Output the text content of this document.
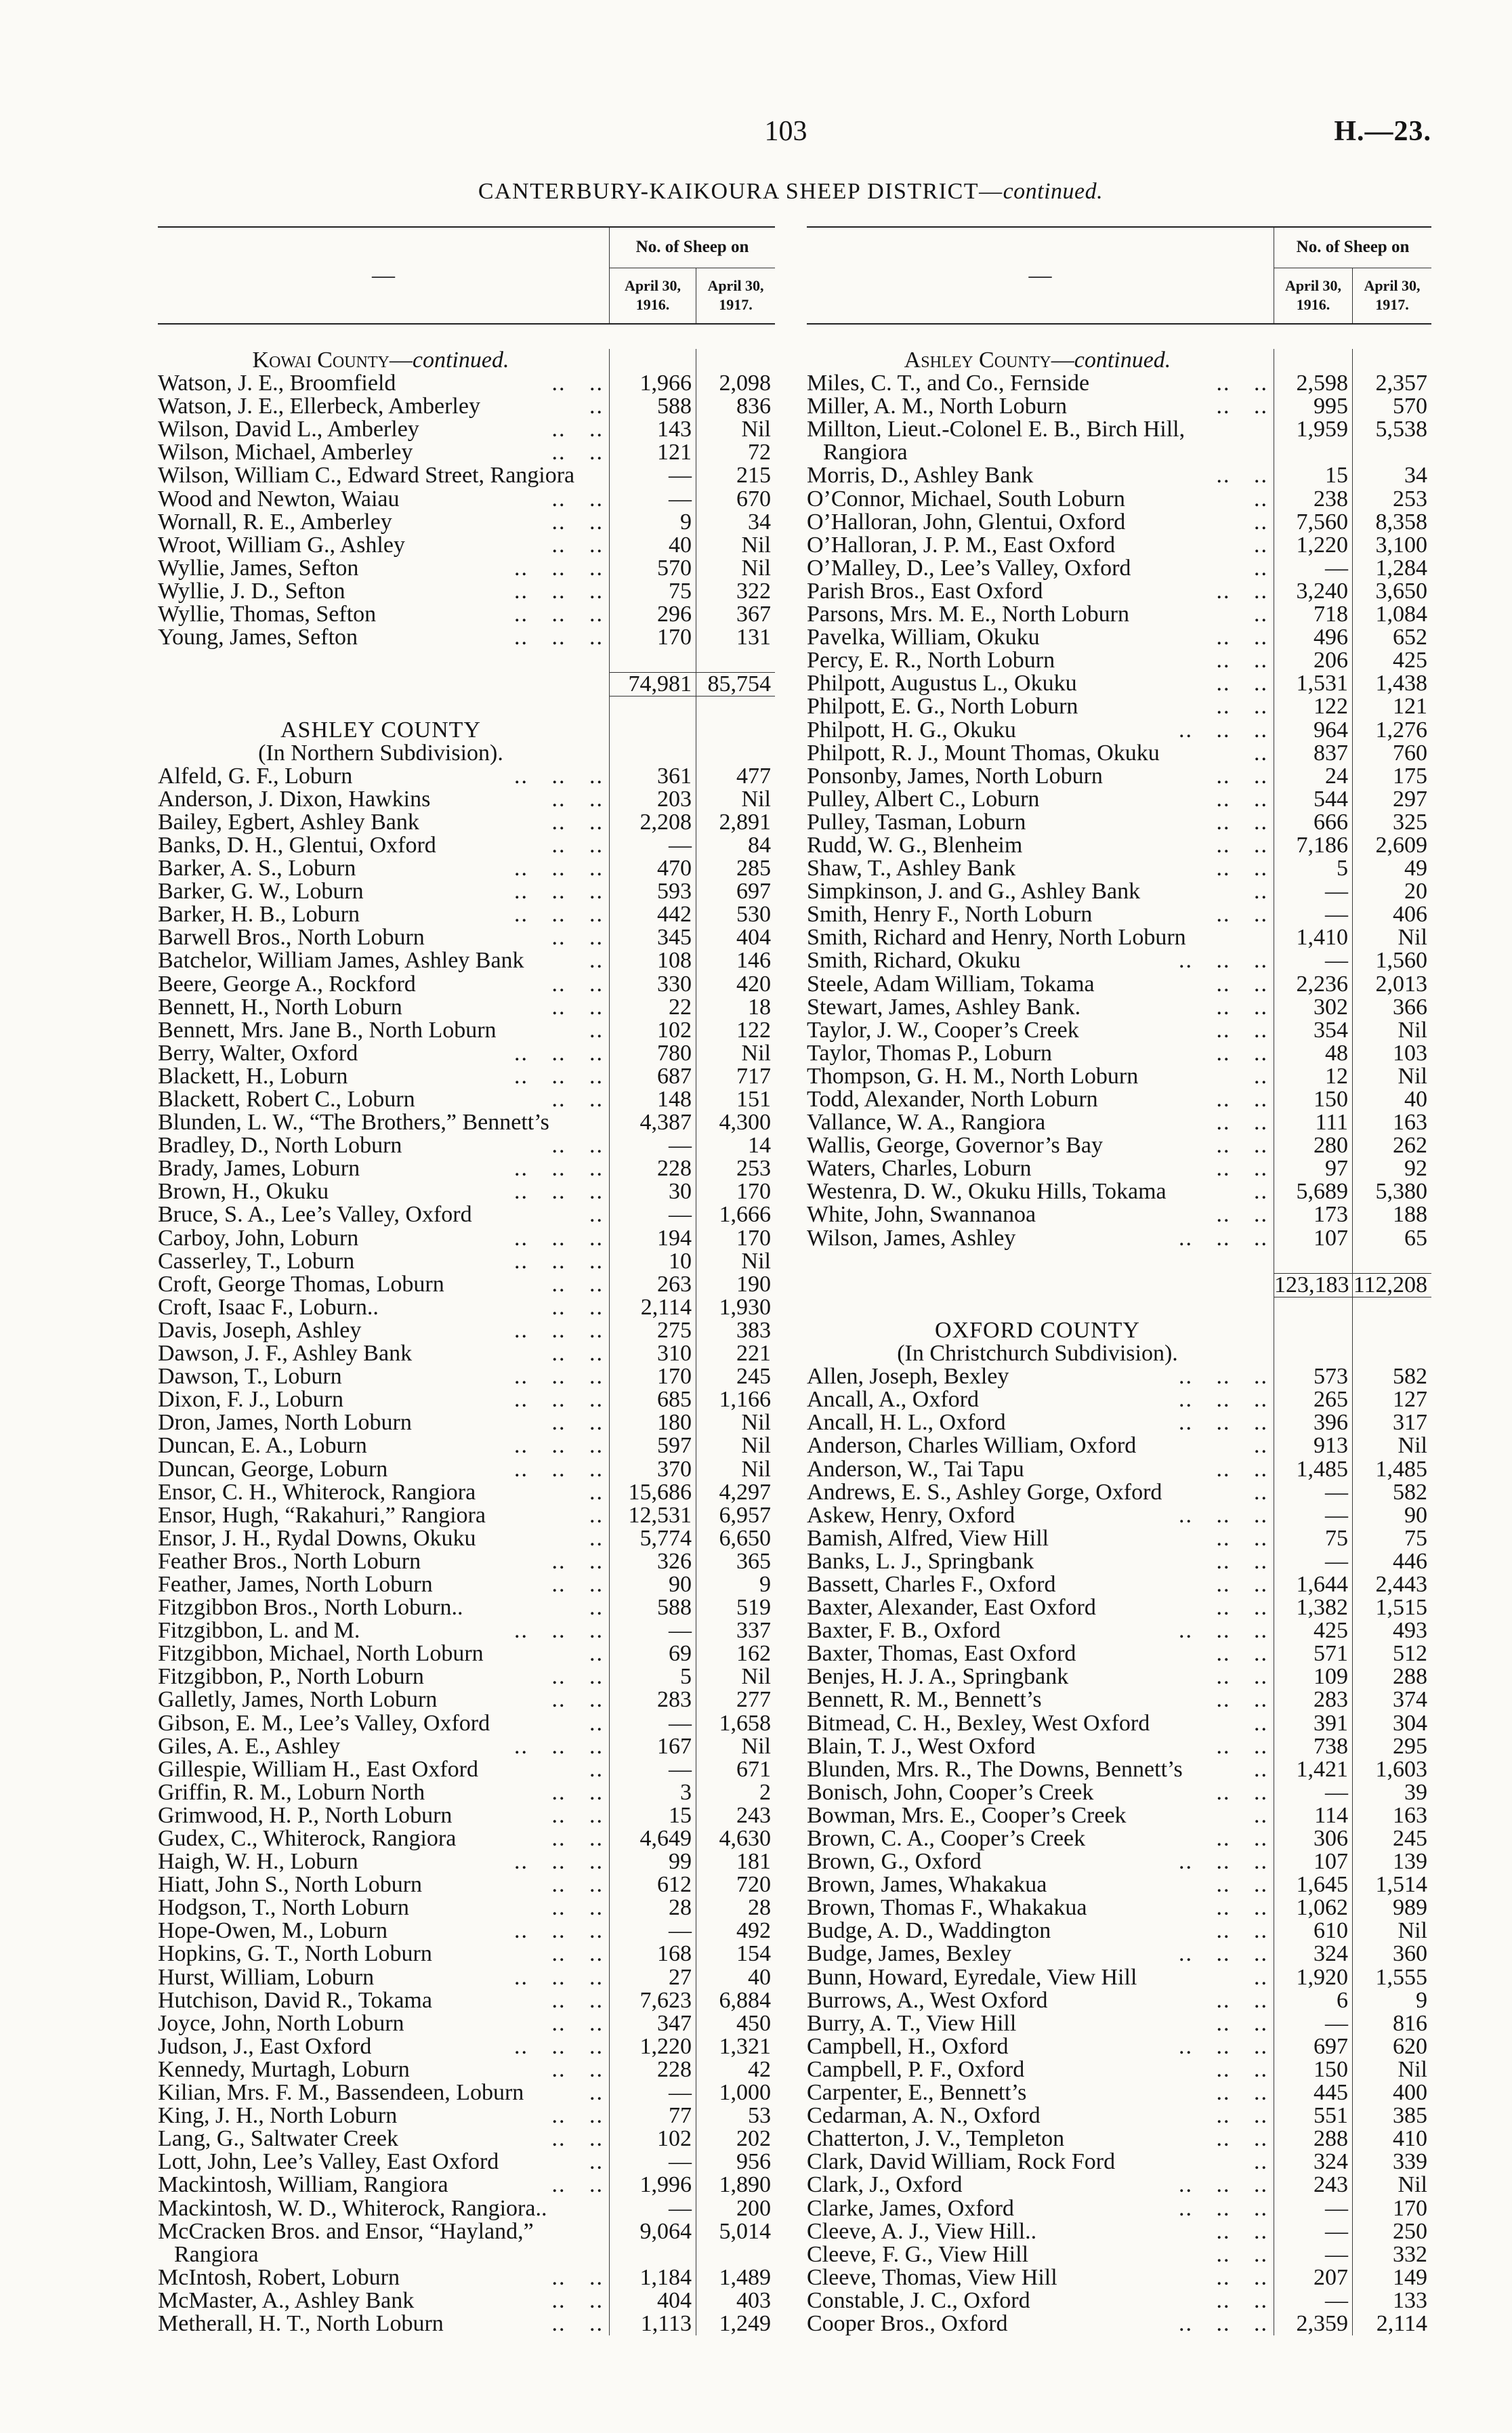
103	H.—23.
CANTERBURY-KAIKOURA SHEEP DISTRICT—continued.
—
No. of Sheep on
April 30,
1916.
April 30,
1917.
Kowai County— continued.
Watson, J. E., Broomfield	.. ..	1,966	2,098
Watson, J. E., Ellerbeck, Amberley	..	588	836
Wilson, David L., Amberley	.. ..	143	Nil
Wilson, Michael, Amberley	.. ..	121	72
Wilson, William C., Edward Street, Rangiora	—	215
Wood and Newton, Waiau	.. ..	—	670
Wornall, R. E., Amberley	.. ..	9	34
Wroot, William G., Ashley	.. ..	40	Nil
Wyllie, James, Sefton	.. .. ..	570	Nil
Wyllie, J. D., Sefton	.. .. ..	75	322
Wyllie, Thomas, Sefton	.. .. ..	296	367
Young, James, Sefton	.. .. ..	170	131
74,981 85,754
ASHLEY COUNTY
(In Northern Subdivision).
Alfeld, G. F., Loburn	.. .. ..	361	477
Anderson, J. Dixon, Hawkins	.. ..	203	Nil
Bailey, Egbert, Ashley Bank	.. ..	2,208	2,891
Banks, D. H., Glentui, Oxford	.. ..	—	84
Barker, A. S., Loburn	.. .. ..	470	285
Barker, G. W., Loburn	.. .. ..	593	697
Barker, H. B., Loburn	.. .. ..	442	530
Barwell Bros., North Loburn	.. ..	345	404
Batchelor, William James, Ashley Bank	..	108	146
Beere, George A., Rockford	.. ..	330	420
Bennett, H., North Loburn	.. ..	22	18
Bennett, Mrs. Jane B., North Loburn	..	102	122
Berry, Walter, Oxford	.. .. ..	780	Nil
Blackett, H., Loburn	.. .. ..	687	717
Blackett, Robert C., Loburn	.. ..	148	151
Blunden, L. W., “The Brothers,” Bennett’s	4,387	4,300
Bradley, D., North Loburn	.. ..	—	14
Brady, James, Loburn	.. .. ..	228	253
Brown, H., Okuku	.. .. ..	30	170
Bruce, S. A., Lee’s Valley, Oxford	..	—	1,666
Carboy, John, Loburn	.. .. ..	194	170
Casserley, T., Loburn	.. .. ..	10	Nil
Croft, George Thomas, Loburn	.. ..	263	190
Croft, Isaac F., Loburn..	.. ..	2,114	1,930
Davis, Joseph, Ashley	.. .. ..	275	383
Dawson, J. F., Ashley Bank	.. ..	310	221
Dawson, T., Loburn	.. .. ..	170	245
Dixon, F. J., Loburn	.. .. ..	685	1,166
Dron, James, North Loburn	.. ..	180	Nil
Duncan, E. A., Loburn	.. .. ..	597	Nil
Duncan, George, Loburn	.. .. ..	370	Nil
Ensor, C. H., Whiterock, Rangiora	..	15,686	4,297
Ensor, Hugh, “Rakahuri,” Rangiora	..	12,531	6,957
Ensor, J. H., Rydal Downs, Okuku	..	5,774	6,650
Feather Bros., North Loburn	.. ..	326	365
Feather, James, North Loburn	.. ..	90	9
Fitzgibbon Bros., North Loburn..	..	588	519
Fitzgibbon, L. and M.	.. .. ..	—	337
Fitzgibbon, Michael, North Loburn	..	69	162
Fitzgibbon, P., North Loburn	.. ..	5	Nil
Galletly, James, North Loburn	.. ..	283	277
Gibson, E. M., Lee’s Valley, Oxford	..	—	1,658
Giles, A. E., Ashley	.. .. ..	167	Nil
Gillespie, William H., East Oxford	..	—	671
Griffin, R. M., Loburn North	.. ..	3	2
Grimwood, H. P., North Loburn	.. ..	15	243
Gudex, C., Whiterock, Rangiora	.. ..	4,649	4,630
Haigh, W. H., Loburn	.. .. ..	99	181
Hiatt, John S., North Loburn	.. ..	612	720
Hodgson, T., North Loburn	.. ..	28	28
Hope-Owen, M., Loburn	.. .. ..	—	492
Hopkins, G. T., North Loburn	.. ..	168	154
Hurst, William, Loburn	.. .. ..	27	40
Hutchison, David R., Tokama	.. ..	7,623	6,884
Joyce, John, North Loburn	.. ..	347	450
Judson, J., East Oxford	.. .. ..	1,220	1,321
Kennedy, Murtagh, Loburn	.. ..	228	42
Kilian, Mrs. F. M., Bassendeen, Loburn	..	—	1,000
King, J. H., North Loburn	.. ..	77	53
Lang, G., Saltwater Creek	.. ..	102	202
Lott, John, Lee’s Valley, East Oxford	..	—	956
Mackintosh, William, Rangiora	.. ..	1,996	1,890
Mackintosh, W. D., Whiterock, Rangiora..	—	200
McCracken Bros. and Ensor, “Hayland,”	9,064	5,014
Rangiora
McIntosh, Robert, Loburn	.. ..	1,184	1,489
McMaster, A., Ashley Bank	.. ..	404	403
Metherall, H. T., North Loburn	.. ..	1,113	1,249
—
No. of Sheep on
April 30,
1916.
April 30,
1917.
Ashley County— continued.
Miles, C. T., and Co., Fernside	.. ..	2,598	2,357
Miller, A. M., North Loburn	.. ..	995	570
Millton, Lieut.-Colonel E. B., Birch Hill,	1,959	5,538
Rangiora
Morris, D., Ashley Bank	.. ..	15	34
O’Connor, Michael, South Loburn	..	238	253
O’Halloran, John, Glentui, Oxford	..	7,560	8,358
O’Halloran, J. P. M., East Oxford	..	1,220	3,100
O’Malley, D., Lee’s Valley, Oxford	..	—	1,284
Parish Bros., East Oxford	.. ..	3,240	3,650
Parsons, Mrs. M. E., North Loburn	..	718	1,084
Pavelka, William, Okuku	.. ..	496	652
Percy, E. R., North Loburn	.. ..	206	425
Philpott, Augustus L., Okuku	.. ..	1,531	1,438
Philpott, E. G., North Loburn	.. ..	122	121
Philpott, H. G., Okuku	.. .. ..	964	1,276
Philpott, R. J., Mount Thomas, Okuku	..	837	760
Ponsonby, James, North Loburn	.. ..	24	175
Pulley, Albert C., Loburn	.. ..	544	297
Pulley, Tasman, Loburn	.. ..	666	325
Rudd, W. G., Blenheim	.. ..	7,186	2,609
Shaw, T., Ashley Bank	.. ..	5	49
Simpkinson, J. and G., Ashley Bank	..	—	20
Smith, Henry F., North Loburn	.. ..	—	406
Smith, Richard and Henry, North Loburn	1,410	Nil
Smith, Richard, Okuku	.. .. ..	—	1,560
Steele, Adam William, Tokama	.. ..	2,236	2,013
Stewart, James, Ashley Bank.	.. ..	302	366
Taylor, J. W., Cooper’s Creek	.. ..	354	Nil
Taylor, Thomas P., Loburn	.. ..	48	103
Thompson, G. H. M., North Loburn	..	12	Nil
Todd, Alexander, North Loburn	.. ..	150	40
Vallance, W. A., Rangiora	.. ..	111	163
Wallis, George, Governor’s Bay	.. ..	280	262
Waters, Charles, Loburn	.. ..	97	92
Westenra, D. W., Okuku Hills, Tokama	..	5,689	5,380
White, John, Swannanoa	.. ..	173	188
Wilson, James, Ashley	.. .. ..	107	65
123,183 112,208
OXFORD COUNTY
(In Christchurch Subdivision).
Allen, Joseph, Bexley	.. .. ..	573	582
Ancall, A., Oxford	.. .. ..	265	127
Ancall, H. L., Oxford	.. .. ..	396	317
Anderson, Charles William, Oxford	..	913	Nil
Anderson, W., Tai Tapu	.. ..	1,485	1,485
Andrews, E. S., Ashley Gorge, Oxford	..	—	582
Askew, Henry, Oxford	.. .. ..	—	90
Bamish, Alfred, View Hill	.. ..	75	75
Banks, L. J., Springbank	.. ..	—	446
Bassett, Charles F., Oxford	.. ..	1,644	2,443
Baxter, Alexander, East Oxford	.. ..	1,382	1,515
Baxter, F. B., Oxford	.. .. ..	425	493
Baxter, Thomas, East Oxford	.. ..	571	512
Benjes, H. J. A., Springbank	.. ..	109	288
Bennett, R. M., Bennett’s	.. ..	283	374
Bitmead, C. H., Bexley, West Oxford	..	391	304
Blain, T. J., West Oxford	.. ..	738	295
Blunden, Mrs. R., The Downs, Bennett’s	..	1,421	1,603
Bonisch, John, Cooper’s Creek	.. ..	—	39
Bowman, Mrs. E., Cooper’s Creek	..	114	163
Brown, C. A., Cooper’s Creek	.. ..	306	245
Brown, G., Oxford	.. .. ..	107	139
Brown, James, Whakakua	.. ..	1,645	1,514
Brown, Thomas F., Whakakua	.. ..	1,062	989
Budge, A. D., Waddington	.. ..	610	Nil
Budge, James, Bexley	.. .. ..	324	360
Bunn, Howard, Eyredale, View Hill	..	1,920	1,555
Burrows, A., West Oxford	.. ..	6	9
Burry, A. T., View Hill	.. ..	—	816
Campbell, H., Oxford	.. .. ..	697	620
Campbell, P. F., Oxford	.. ..	150	Nil
Carpenter, E., Bennett’s	.. ..	445	400
Cedarman, A. N., Oxford	.. ..	551	385
Chatterton, J. V., Templeton	.. ..	288	410
Clark, David William, Rock Ford	..	324	339
Clark, J., Oxford	.. .. ..	243	Nil
Clarke, James, Oxford	.. .. ..	—	170
Cleeve, A. J., View Hill..	.. ..	—	250
Cleeve, F. G., View Hill	.. ..	—	332
Cleeve, Thomas, View Hill	.. ..	207	149
Constable, J. C., Oxford	.. ..	—	133
Cooper Bros., Oxford	.. .. ..	2,359	2,114
